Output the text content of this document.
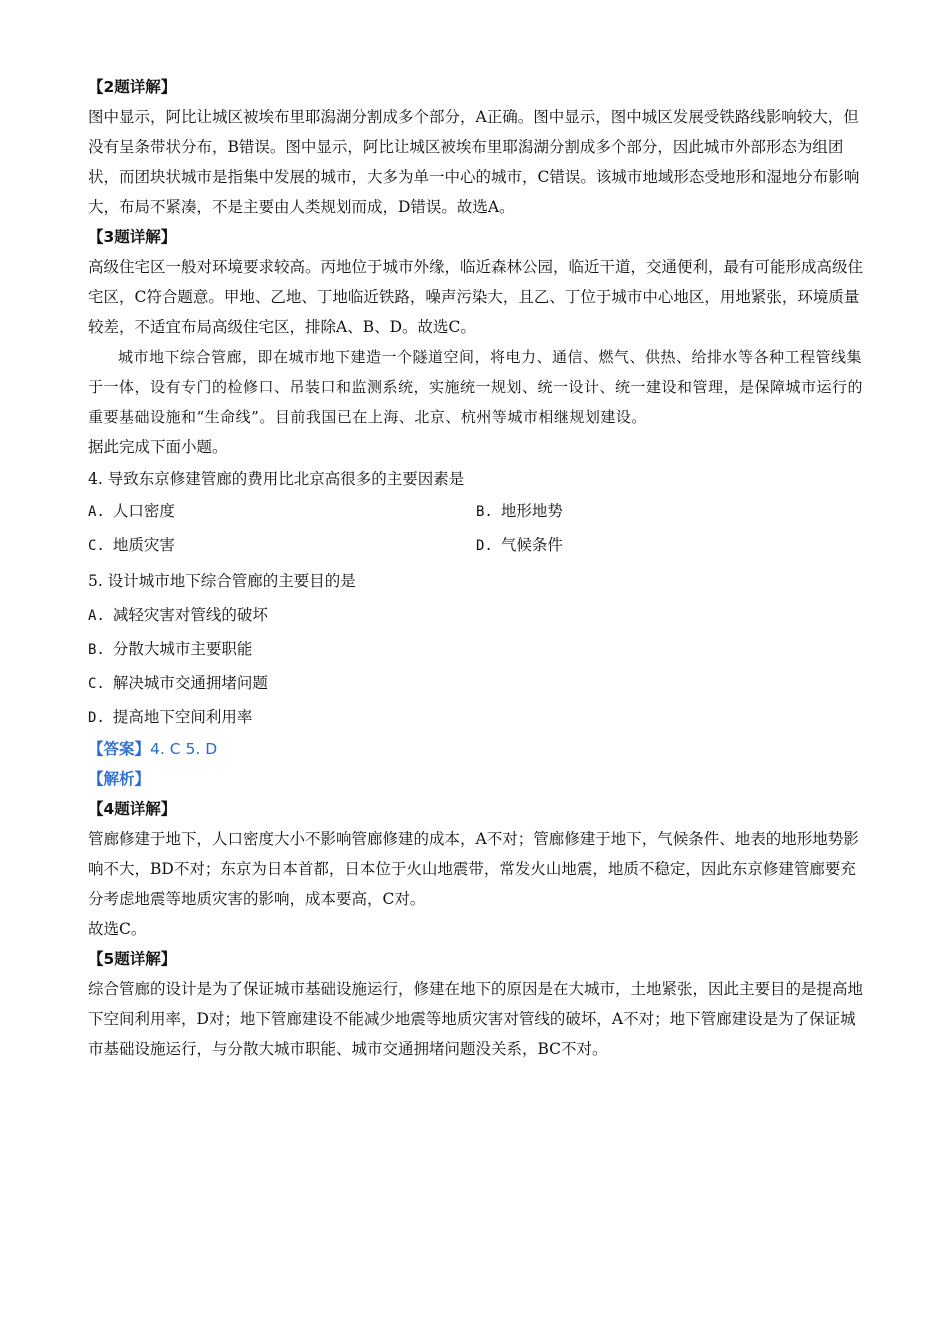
【2题详解】

图中显示，阿比让城区被埃布里耶潟湖分割成多个部分，A正确。图中显示，图中城区发展受铁路线影响较大，但没有呈条带状分布，B错误。图中显示，阿比让城区被埃布里耶潟湖分割成多个部分，因此城市外部形态为组团状，而团块状城市是指集中发展的城市，大多为单一中心的城市，C错误。该城市地域形态受地形和湿地分布影响大，布局不紧凑，不是主要由人类规划而成，D错误。故选A。

【3题详解】

高级住宅区一般对环境要求较高。丙地位于城市外缘，临近森林公园，临近干道，交通便利，最有可能形成高级住宅区，C符合题意。甲地、乙地、丁地临近铁路，噪声污染大，且乙、丁位于城市中心地区，用地紧张，环境质量较差，不适宜布局高级住宅区，排除A、B、D。故选C。

城市地下综合管廊，即在城市地下建造一个隧道空间，将电力、通信、燃气、供热、给排水等各种工程管线集于一体，设有专门的检修口、吊装口和监测系统，实施统一规划、统一设计、统一建设和管理，是保障城市运行的重要基础设施和“生命线”。目前我国已在上海、北京、杭州等城市相继规划建设。

据此完成下面小题。
4. 导致东京修建管廊的费用比北京高很多的主要因素是
A. 人口密度	B. 地形地势
C. 地质灾害	D. 气候条件
5. 设计城市地下综合管廊的主要目的是
A. 减轻灾害对管线的破坏
B. 分散大城市主要职能
C. 解决城市交通拥堵问题
D. 提高地下空间利用率
【答案】4. C 5. D
【解析】
【4题详解】

管廊修建于地下，人口密度大小不影响管廊修建的成本，A不对；管廊修建于地下，气候条件、地表的地形地势影响不大，BD不对；东京为日本首都，日本位于火山地震带，常发火山地震，地质不稳定，因此东京修建管廊要充分考虑地震等地质灾害的影响，成本要高，C对。

故选C。
【5题详解】

综合管廊的设计是为了保证城市基础设施运行，修建在地下的原因是在大城市，土地紧张，因此主要目的是提高地下空间利用率，D对；地下管廊建设不能减少地震等地质灾害对管线的破坏，A不对；地下管廊建设是为了保证城市基础设施运行，与分散大城市职能、城市交通拥堵问题没关系，BC不对。
